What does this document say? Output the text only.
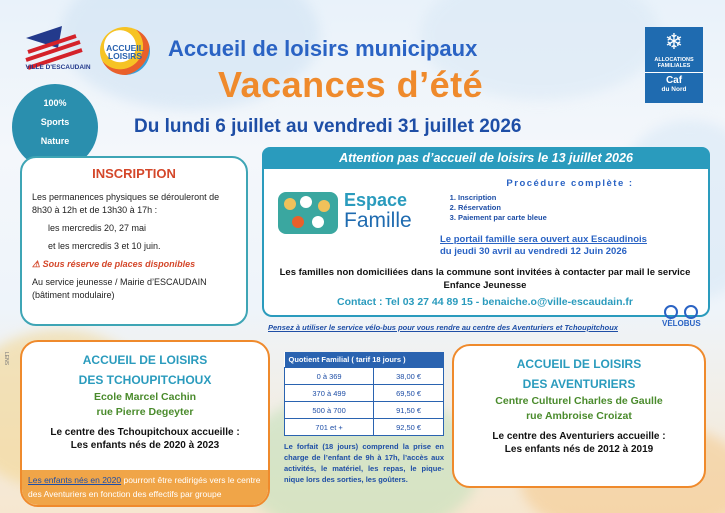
VILLE D'ESCAUDAIN
ACCUEIL LOISIRS Accueil de loisirs municipaux
Vacances d’été
Du lundi 6 juillet au vendredi 31 juillet 2026
❄
ALLOCATIONS FAMILIALES
Caf
du Nord
100%
Sports
Nature
INSCRIPTION

Les permanences physiques se dérouleront de 8h30 à 12h et de 13h30 à 17h :

les mercredis 20, 27 mai

et les mercredis 3 et 10 juin.

⚠ Sous réserve de places disponibles

Au service jeunesse / Mairie d’ESCAUDAIN (bâtiment modulaire)

Attention pas d’accueil de loisirs le 13 juillet 2026
Espace
Famille
Procédure complète :
1. Inscription
2. Réservation
3. Paiement par carte bleue
Le portail famille sera ouvert aux Escaudinois
du jeudi 30 avril au vendredi 12 Juin 2026
Les familles non domiciliées dans la commune sont invitées à contacter par mail le service Enfance Jeunesse
Contact : Tel 03 27 44 89 15 - benaiche.o@ville-escaudain.fr
Pensez à utiliser le service vélo-bus pour vous rendre au centre des Aventuriers et Tchoupitchoux	VÉLOBUS
LENS	ACCUEIL DE LOISIRS
DES TCHOUPITCHOUX
Ecole Marcel Cachin
rue Pierre Degeyter
Le centre des Tchoupitchoux accueille :
Les enfants nés de 2020 à 2023
Les enfants nés en 2020 pourront être redirigés vers le centre des Aventuriers en fonction des effectifs par groupe
Quotient Familial ( tarif 18 jours )	
0 à 369	38,00 €
370 à 499	69,50 €
500 à 700	91,50 €
701 et +	92,50 €
Le forfait (18 jours) comprend la prise en charge de l’enfant de 9h à 17h, l’accès aux activités, le matériel, les repas, le pique-nique lors des sorties, les goûters.
ACCUEIL DE LOISIRS
DES AVENTURIERS
Centre Culturel Charles de Gaulle
rue Ambroise Croizat
Le centre des Aventuriers accueille :
Les enfants nés de 2012 à 2019
